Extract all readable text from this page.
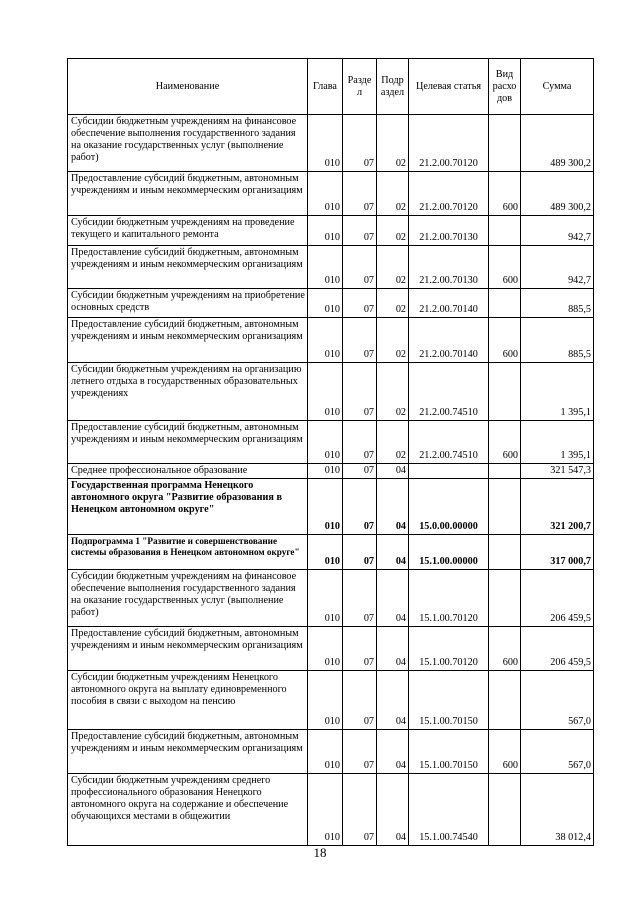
Наименование	Глава	Разде л	Подр аздел	Целевая статья	Вид расхо дов	Сумма
Субсидии бюджетным учреждениям на финансовое обеспечение выполнения государственного задания на оказание государственных услуг (выполнение работ)	010	07	02	21.2.00.70120		489 300,2
Предоставление субсидий бюджетным, автономным учреждениям и иным некоммерческим организациям	010	07	02	21.2.00.70120	600	489 300,2
Субсидии бюджетным учреждениям на проведение текущего и капитального ремонта	010	07	02	21.2.00.70130		942,7
Предоставление субсидий бюджетным, автономным учреждениям и иным некоммерческим организациям	010	07	02	21.2.00.70130	600	942,7
Субсидии бюджетным учреждениям на приобретение основных средств	010	07	02	21.2.00.70140		885,5
Предоставление субсидий бюджетным, автономным учреждениям и иным некоммерческим организациям	010	07	02	21.2.00.70140	600	885,5
Субсидии бюджетным учреждениям на организацию летнего отдыха в государственных образовательных учреждениях	010	07	02	21.2.00.74510		1 395,1
Предоставление субсидий бюджетным, автономным учреждениям и иным некоммерческим организациям	010	07	02	21.2.00.74510	600	1 395,1
Среднее профессиональное образование	010	07	04			321 547,3
Государственная программа Ненецкого автономного округа "Развитие образования в Ненецком автономном округе"	010	07	04	15.0.00.00000		321 200,7
Подпрограмма 1 "Развитие и совершенствование системы образования в Ненецком автономном округе"	010	07	04	15.1.00.00000		317 000,7
Субсидии бюджетным учреждениям на финансовое обеспечение выполнения государственного задания на оказание государственных услуг (выполнение работ)	010	07	04	15.1.00.70120		206 459,5
Предоставление субсидий бюджетным, автономным учреждениям и иным некоммерческим организациям	010	07	04	15.1.00.70120	600	206 459,5
Субсидии бюджетным учреждениям Ненецкого автономного округа на выплату единовременного пособия в связи с выходом на пенсию	010	07	04	15.1.00.70150		567,0
Предоставление субсидий бюджетным, автономным учреждениям и иным некоммерческим организациям	010	07	04	15.1.00.70150	600	567,0
Субсидии бюджетным учреждениям среднего профессионального образования Ненецкого автономного округа на содержание и обеспечение обучающихся местами в общежитии	010	07	04	15.1.00.74540		38 012,4
18
